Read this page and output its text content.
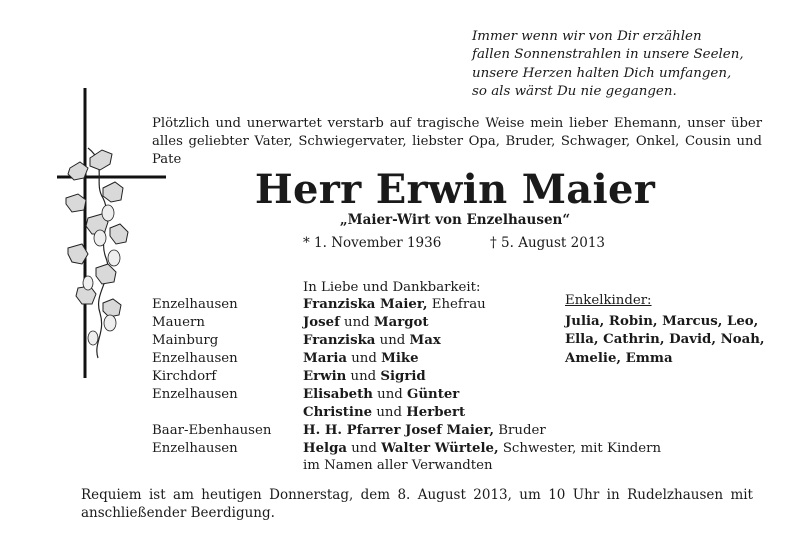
Immer wenn wir von Dir erzählen
fallen Sonnenstrahlen in unsere Seelen,
unsere Herzen halten Dich umfangen,
so als wärst Du nie gegangen.
Plötzlich und unerwartet verstarb auf tragische Weise mein lieber Ehemann, unser über alles geliebter Vater, Schwiegervater, liebster Opa, Bruder, Schwager, Onkel, Cousin und Pate
Herr Erwin Maier
„Maier-Wirt von Enzelhausen“
* 1. November 1936	† 5. August 2013
In Liebe und Dankbarkeit:
Enzelhausen	Franziska Maier, Ehefrau
Mauern	Josef und Margot
Mainburg	Franziska und Max
Enzelhausen	Maria und Mike
Kirchdorf	Erwin und Sigrid
Enzelhausen	Elisabeth und Günter
Christine und Herbert
Baar-Ebenhausen H. H. Pfarrer Josef Maier, Bruder
Enzelhausen	Helga und Walter Würtele, Schwester, mit Kindern
Enkelkinder:
Julia, Robin, Marcus, Leo,
Ella, Cathrin, David, Noah,
Amelie, Emma
im Namen aller Verwandten
Requiem ist am heutigen Donnerstag, dem 8. August 2013, um 10 Uhr in Rudelzhausen mit anschließender Beerdigung.
